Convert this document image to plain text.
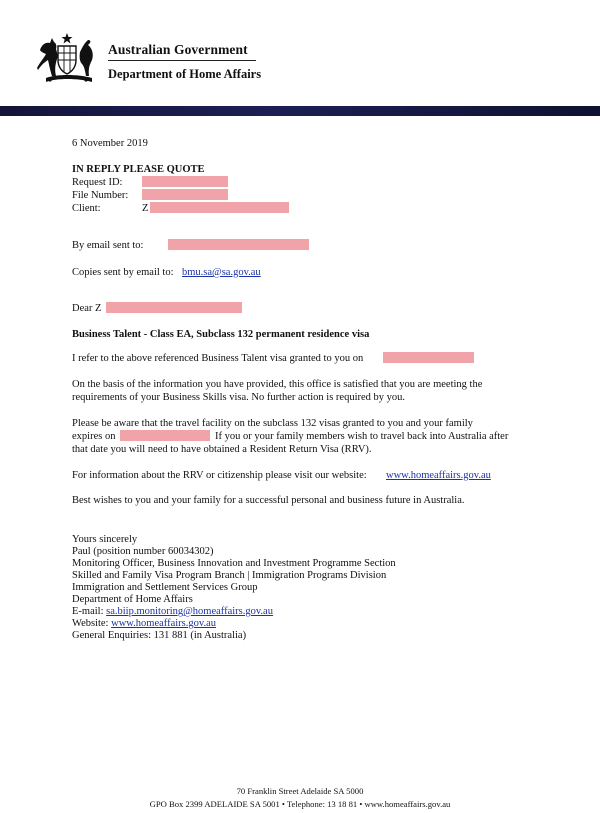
Australian Government
Department of Home Affairs
6 November 2019
IN REPLY PLEASE QUOTE
Request ID:
File Number:
Client:	Z
By email sent to:
Copies sent by email to: bmu.sa@sa.gov.au
Dear Z
Business Talent - Class EA, Subclass 132 permanent residence visa
I refer to the above referenced Business Talent visa granted to you on
On the basis of the information you have provided, this office is satisfied that you are meeting the
requirements of your Business Skills visa. No further action is required by you.
Please be aware that the travel facility on the subclass 132 visas granted to you and your family
expires on	If you or your family members wish to travel back into Australia after
that date you will need to have obtained a Resident Return Visa (RRV).
For information about the RRV or citizenship please visit our website: www.homeaffairs.gov.au
Best wishes to you and your family for a successful personal and business future in Australia.
Yours sincerely
Paul (position number 60034302)
Monitoring Officer, Business Innovation and Investment Programme Section
Skilled and Family Visa Program Branch | Immigration Programs Division
Immigration and Settlement Services Group
Department of Home Affairs
E-mail: sa.biip.monitoring@homeaffairs.gov.au
Website: www.homeaffairs.gov.au
General Enquiries: 131 881 (in Australia)
70 Franklin Street Adelaide SA 5000
GPO Box 2399 ADELAIDE SA 5001 • Telephone: 13 18 81 • www.homeaffairs.gov.au
